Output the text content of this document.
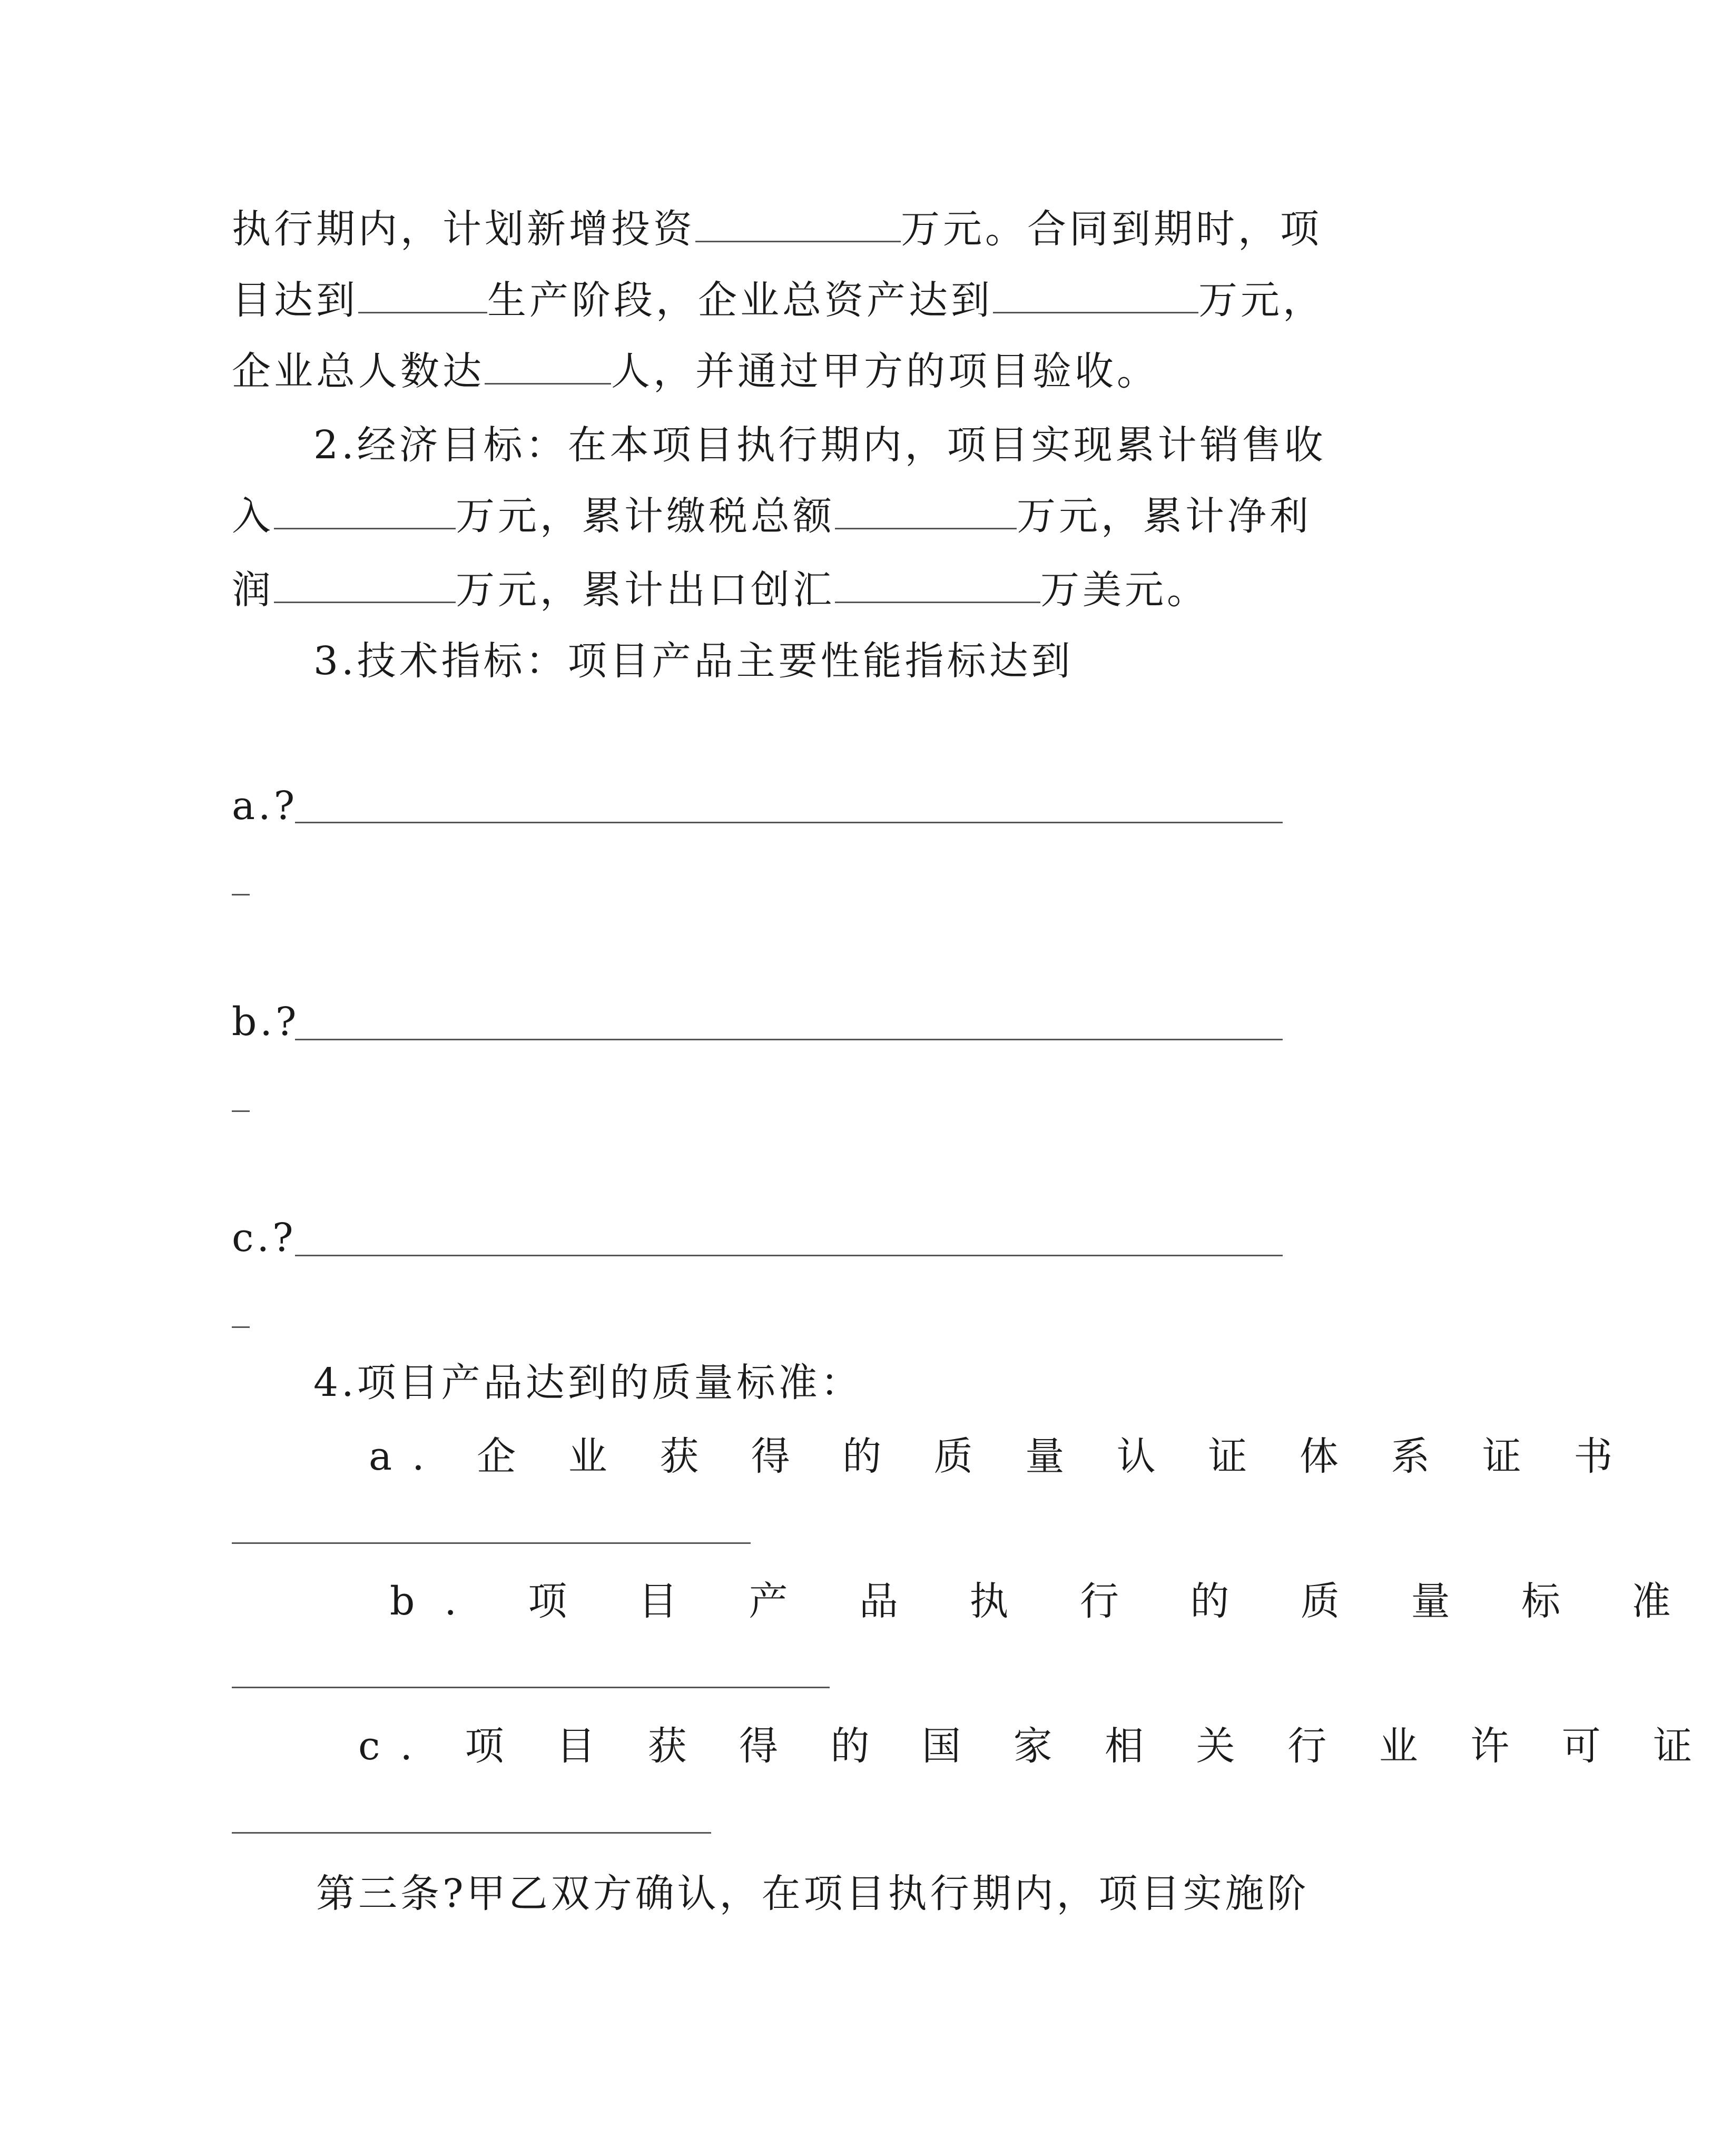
执行期内，计划新增投资	万元。合同到期时，项
目达到	生产阶段，企业总资产达到	万元，
企业总人数达	人，并通过甲方的项目验收。
2.经济目标：在本项目执行期内，项目实现累计销售收
入	万元，累计缴税总额	万元，累计净利
润	万元，累计出口创汇	万美元。
3.技术指标：项目产品主要性能指标达到
a.?
b.?
c.?
4.项目产品达到的质量标准：
a. 企 业 获 得 的 质 量 认 证 体 系 证 书
b. 项 目 产 品 执 行 的 质 量 标 准
c. 项 目 获 得 的 国 家 相 关 行 业 许 可 证
第三条?甲乙双方确认，在项目执行期内，项目实施阶
